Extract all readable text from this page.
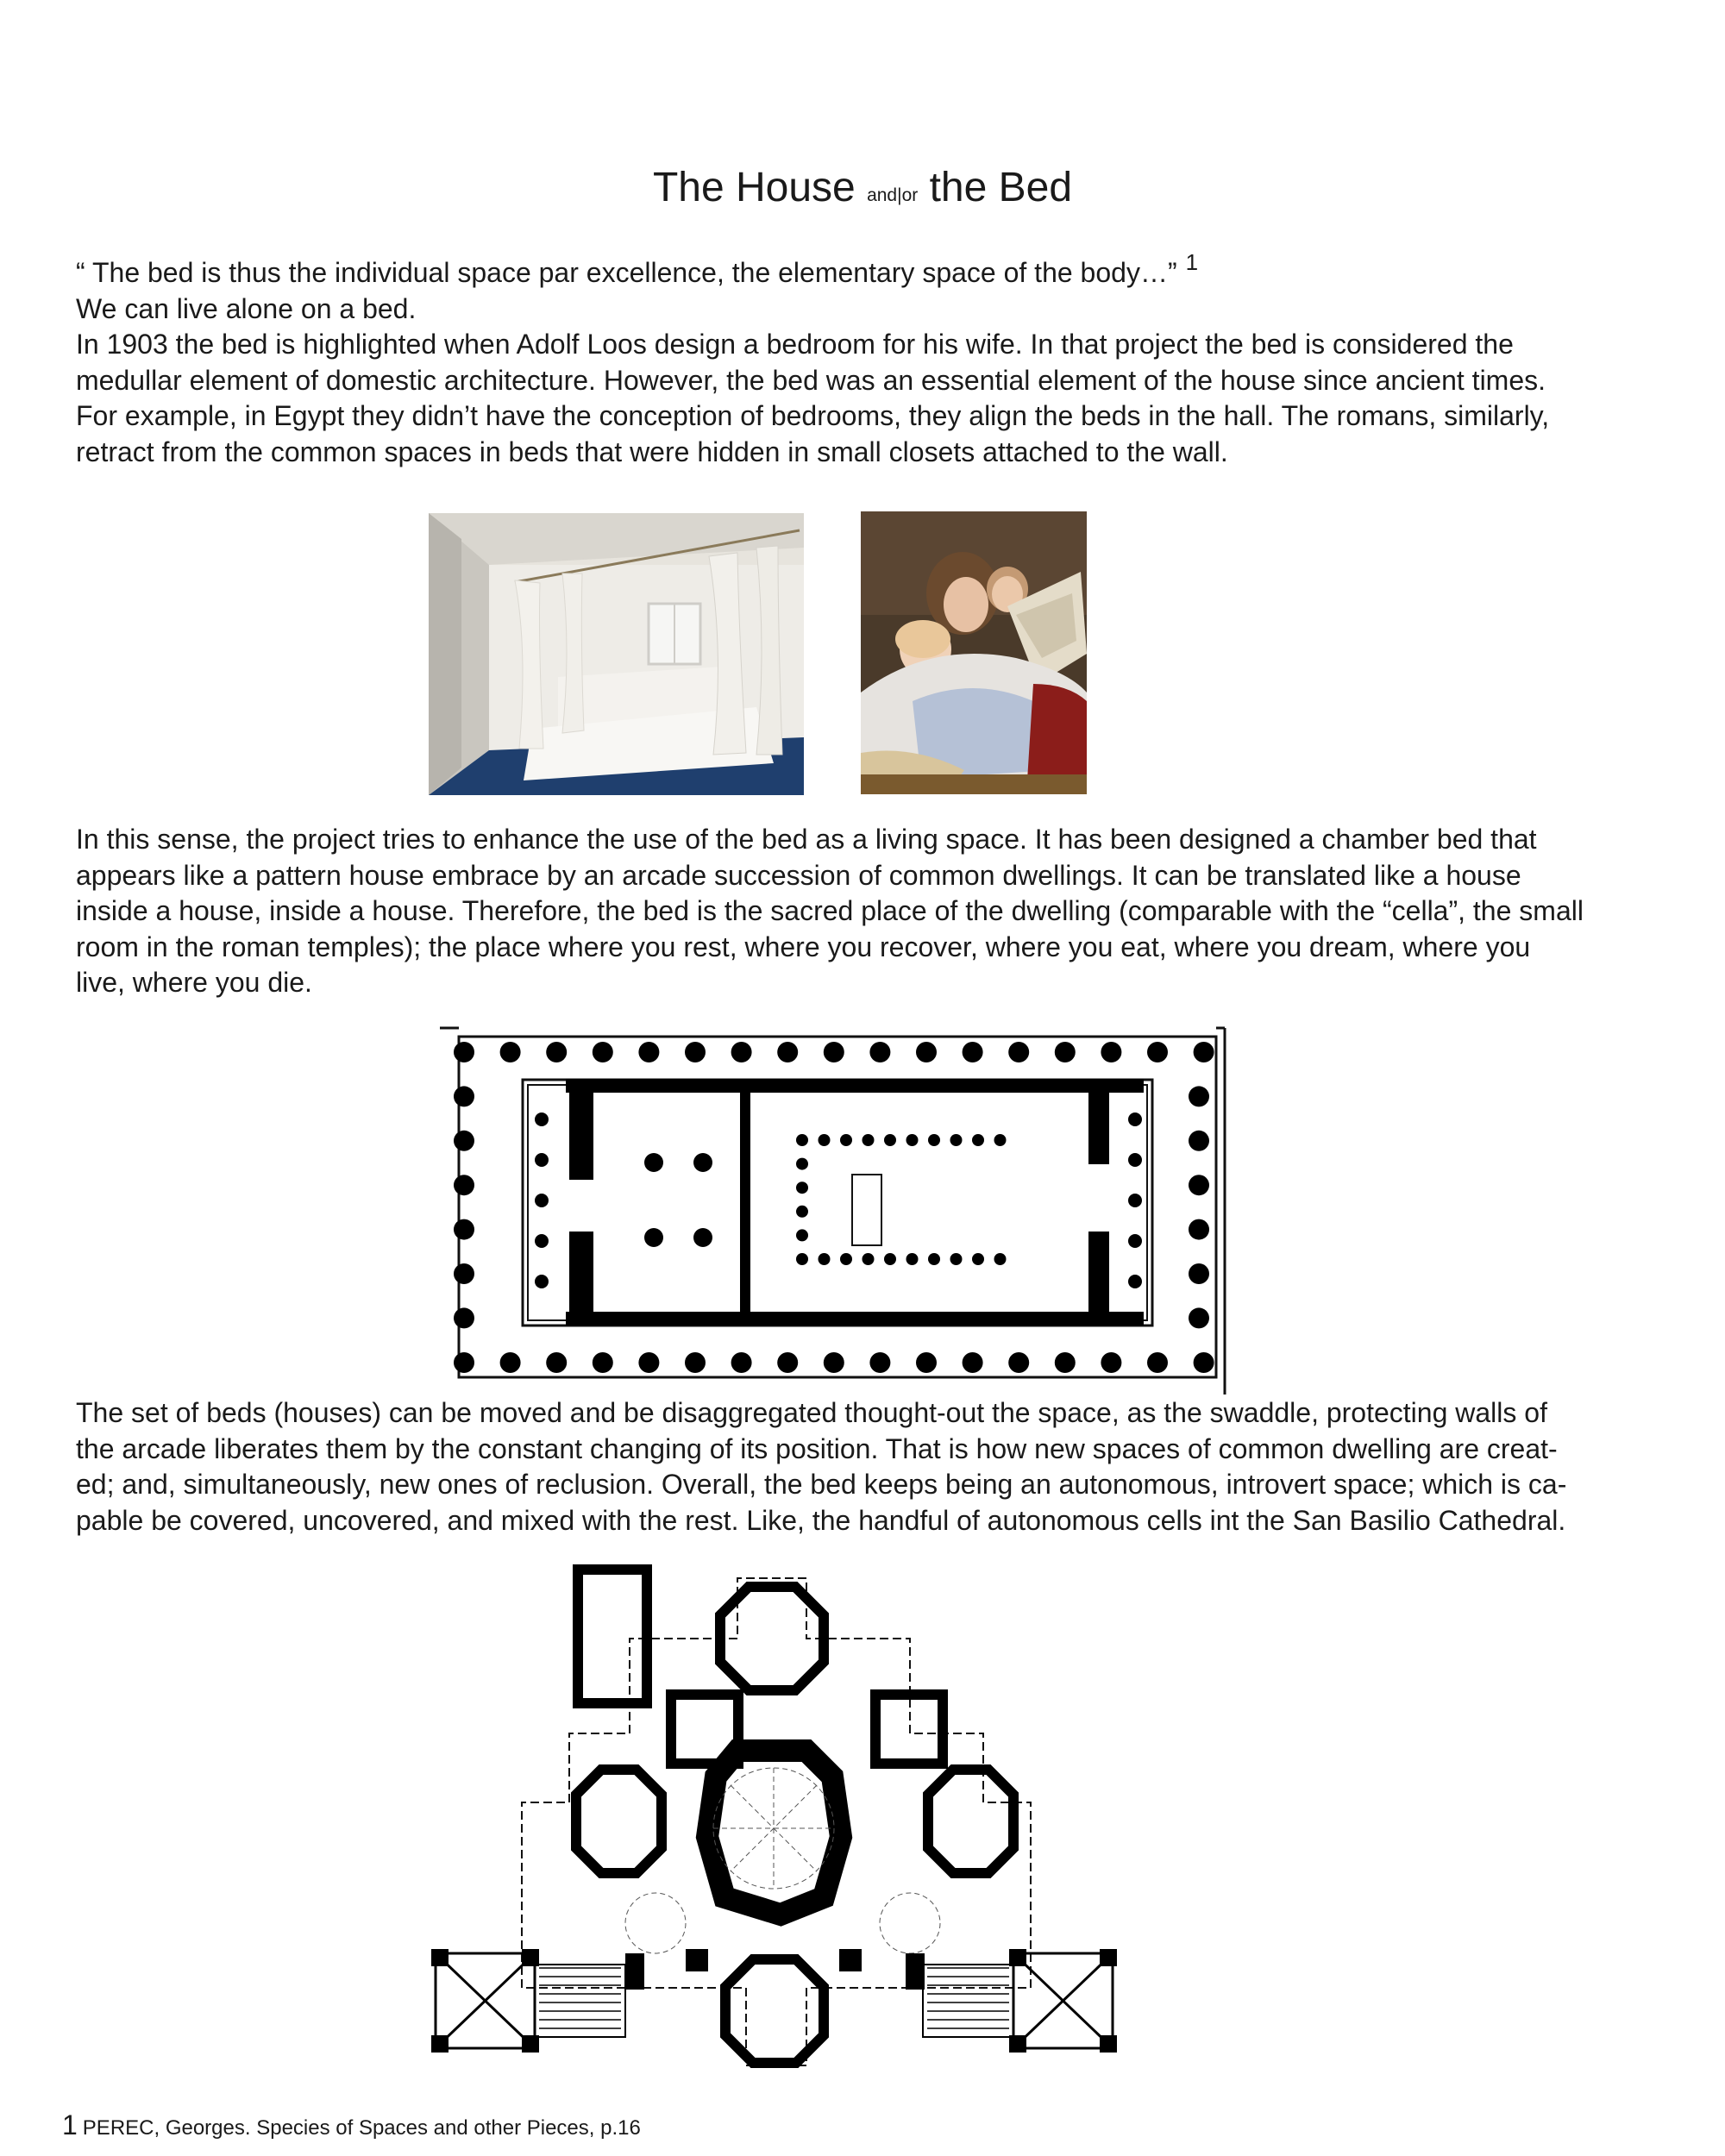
The House and|or the Bed
“ The bed is thus the individual space par excellence, the elementary space of the body…” $^1$
We can live alone on a bed.
In 1903 the bed is highlighted when Adolf Loos design a bedroom for his wife. In that project the bed is considered the
medullar element of domestic architecture. However, the bed was an essential element of the house since ancient times.
For example, in Egypt they didn’t have the conception of bedrooms, they align the beds in the hall. The romans, similarly,
retract from the common spaces in beds that were hidden in small closets attached to the wall.
In this sense, the project tries to enhance the use of the bed as a living space. It has been designed a chamber bed that
appears like a pattern house embrace by an arcade succession of common dwellings. It can be translated like a house
inside a house, inside a house. Therefore, the bed is the sacred place of the dwelling (comparable with the “cella”, the small
room in the roman temples); the place where you rest, where you recover, where you eat, where you dream, where you
live, where you die.
The set of beds (houses) can be moved and be disaggregated thought-out the space, as the swaddle, protecting walls of
the arcade liberates them by the constant changing of its position. That is how new spaces of common dwelling are creat-
ed; and, simultaneously, new ones of reclusion. Overall, the bed keeps being an autonomous, introvert space; which is ca-
pable be covered, uncovered, and mixed with the rest. Like, the handful of autonomous cells int the San Basilio Cathedral.
1 PEREC, Georges. Species of Spaces and other Pieces, p.16
